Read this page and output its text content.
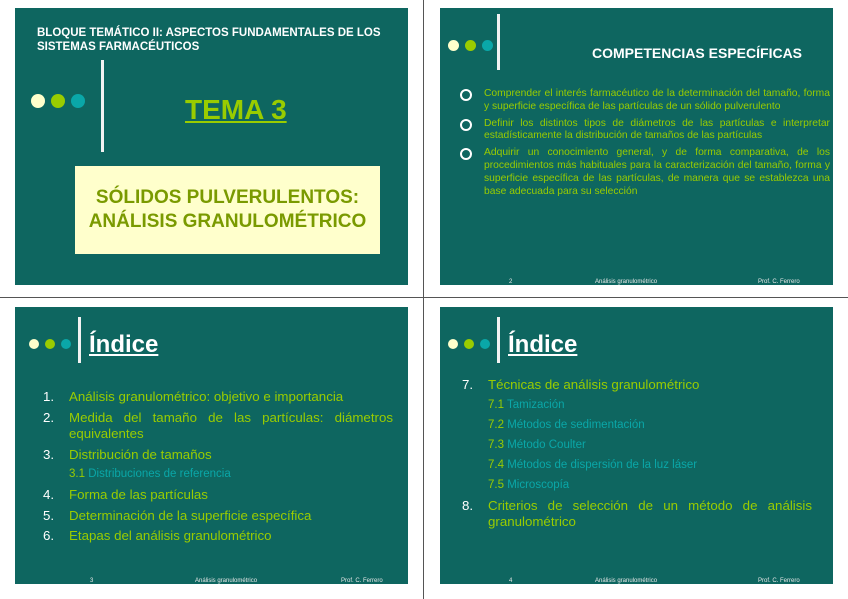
BLOQUE TEMÁTICO II: ASPECTOS FUNDAMENTALES DE LOS SISTEMAS FARMACÉUTICOS
TEMA 3
SÓLIDOS PULVERULENTOS:
ANÁLISIS GRANULOMÉTRICO
COMPETENCIAS ESPECÍFICAS
Comprender el interés farmacéutico de la determinación del tamaño, forma y superficie específica de las partículas de un sólido pulverulento
Definir los distintos tipos de diámetros de las partículas e interpretar estadísticamente la distribución de tamaños de las partículas
Adquirir un conocimiento general, y de forma comparativa, de los procedimientos más habituales para la caracterización del tamaño, forma y superficie específica de las partículas, de manera que se establezca una base adecuada para su selección
2	Análisis granulométrico	Prof. C. Ferrero
Índice
1. Análisis granulométrico: objetivo e importancia
2. Medida del tamaño de las partículas: diámetros equivalentes
3. Distribución de tamaños
3.1 Distribuciones de referencia
4. Forma de las partículas
5. Determinación de la superficie específica
6. Etapas del análisis granulométrico
3	Análisis granulométrico	Prof. C. Ferrero
Índice
7. Técnicas de análisis granulométrico
7.1 Tamización
7.2 Métodos de sedimentación
7.3 Método Coulter
7.4 Métodos de dispersión de la luz láser
7.5 Microscopía
8. Criterios de selección de un método de análisis granulométrico
4	Análisis granulométrico	Prof. C. Ferrero
